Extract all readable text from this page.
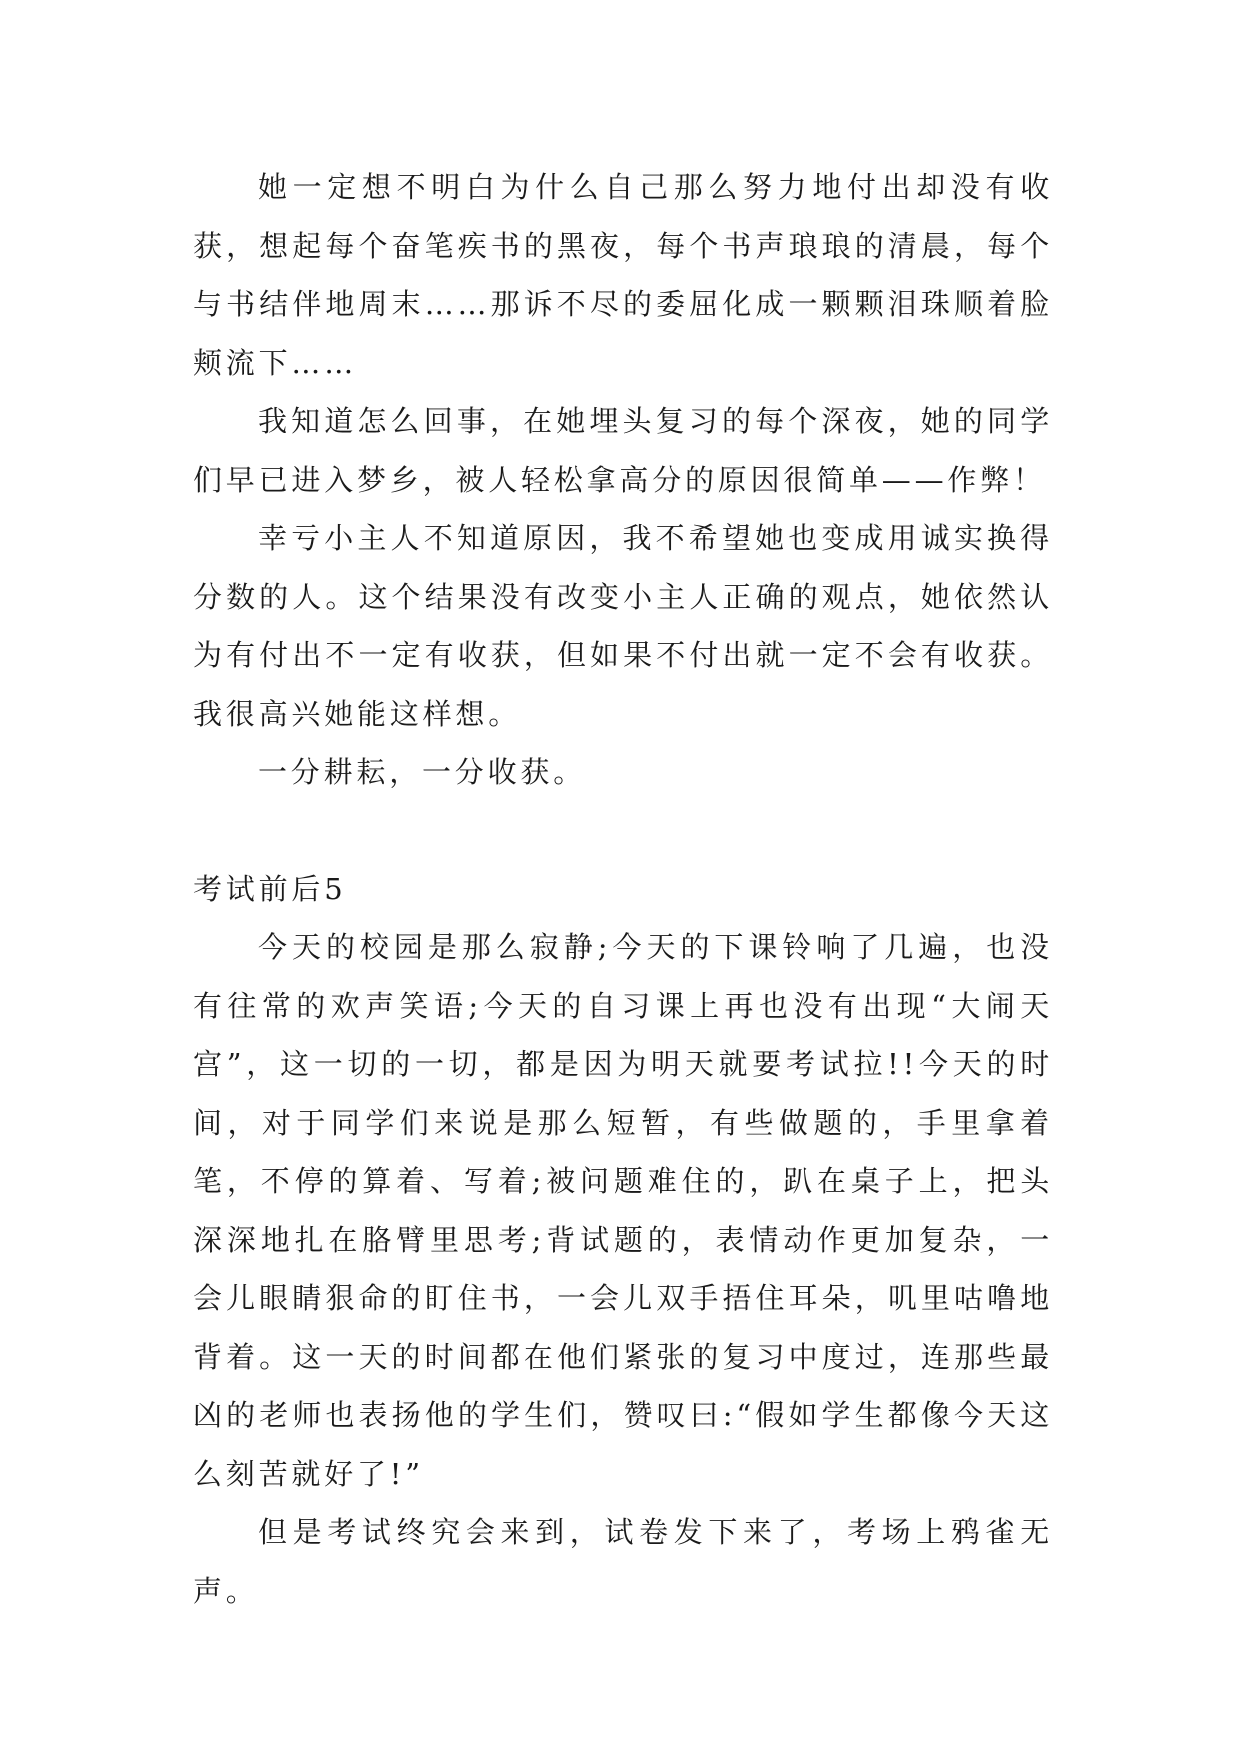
她一定想不明白为什么自己那么努力地付出却没有收获，想起每个奋笔疾书的黑夜，每个书声琅琅的清晨，每个与书结伴地周末……那诉不尽的委屈化成一颗颗泪珠顺着脸颊流下……

我知道怎么回事，在她埋头复习的每个深夜，她的同学们早已进入梦乡，被人轻松拿高分的原因很简单——作弊！

幸亏小主人不知道原因，我不希望她也变成用诚实换得分数的人。这个结果没有改变小主人正确的观点，她依然认为有付出不一定有收获，但如果不付出就一定不会有收获。我很高兴她能这样想。

一分耕耘，一分收获。

考试前后5

今天的校园是那么寂静;今天的下课铃响了几遍，也没有往常的欢声笑语;今天的自习课上再也没有出现“大闹天宫”，这一切的一切，都是因为明天就要考试拉!!今天的时间，对于同学们来说是那么短暂，有些做题的，手里拿着笔，不停的算着、写着;被问题难住的，趴在桌子上，把头深深地扎在胳臂里思考;背试题的，表情动作更加复杂，一会儿眼睛狠命的盯住书，一会儿双手捂住耳朵，叽里咕噜地背着。这一天的时间都在他们紧张的复习中度过，连那些最凶的老师也表扬他的学生们，赞叹曰:“假如学生都像今天这么刻苦就好了!”

但是考试终究会来到，试卷发下来了，考场上鸦雀无声。
